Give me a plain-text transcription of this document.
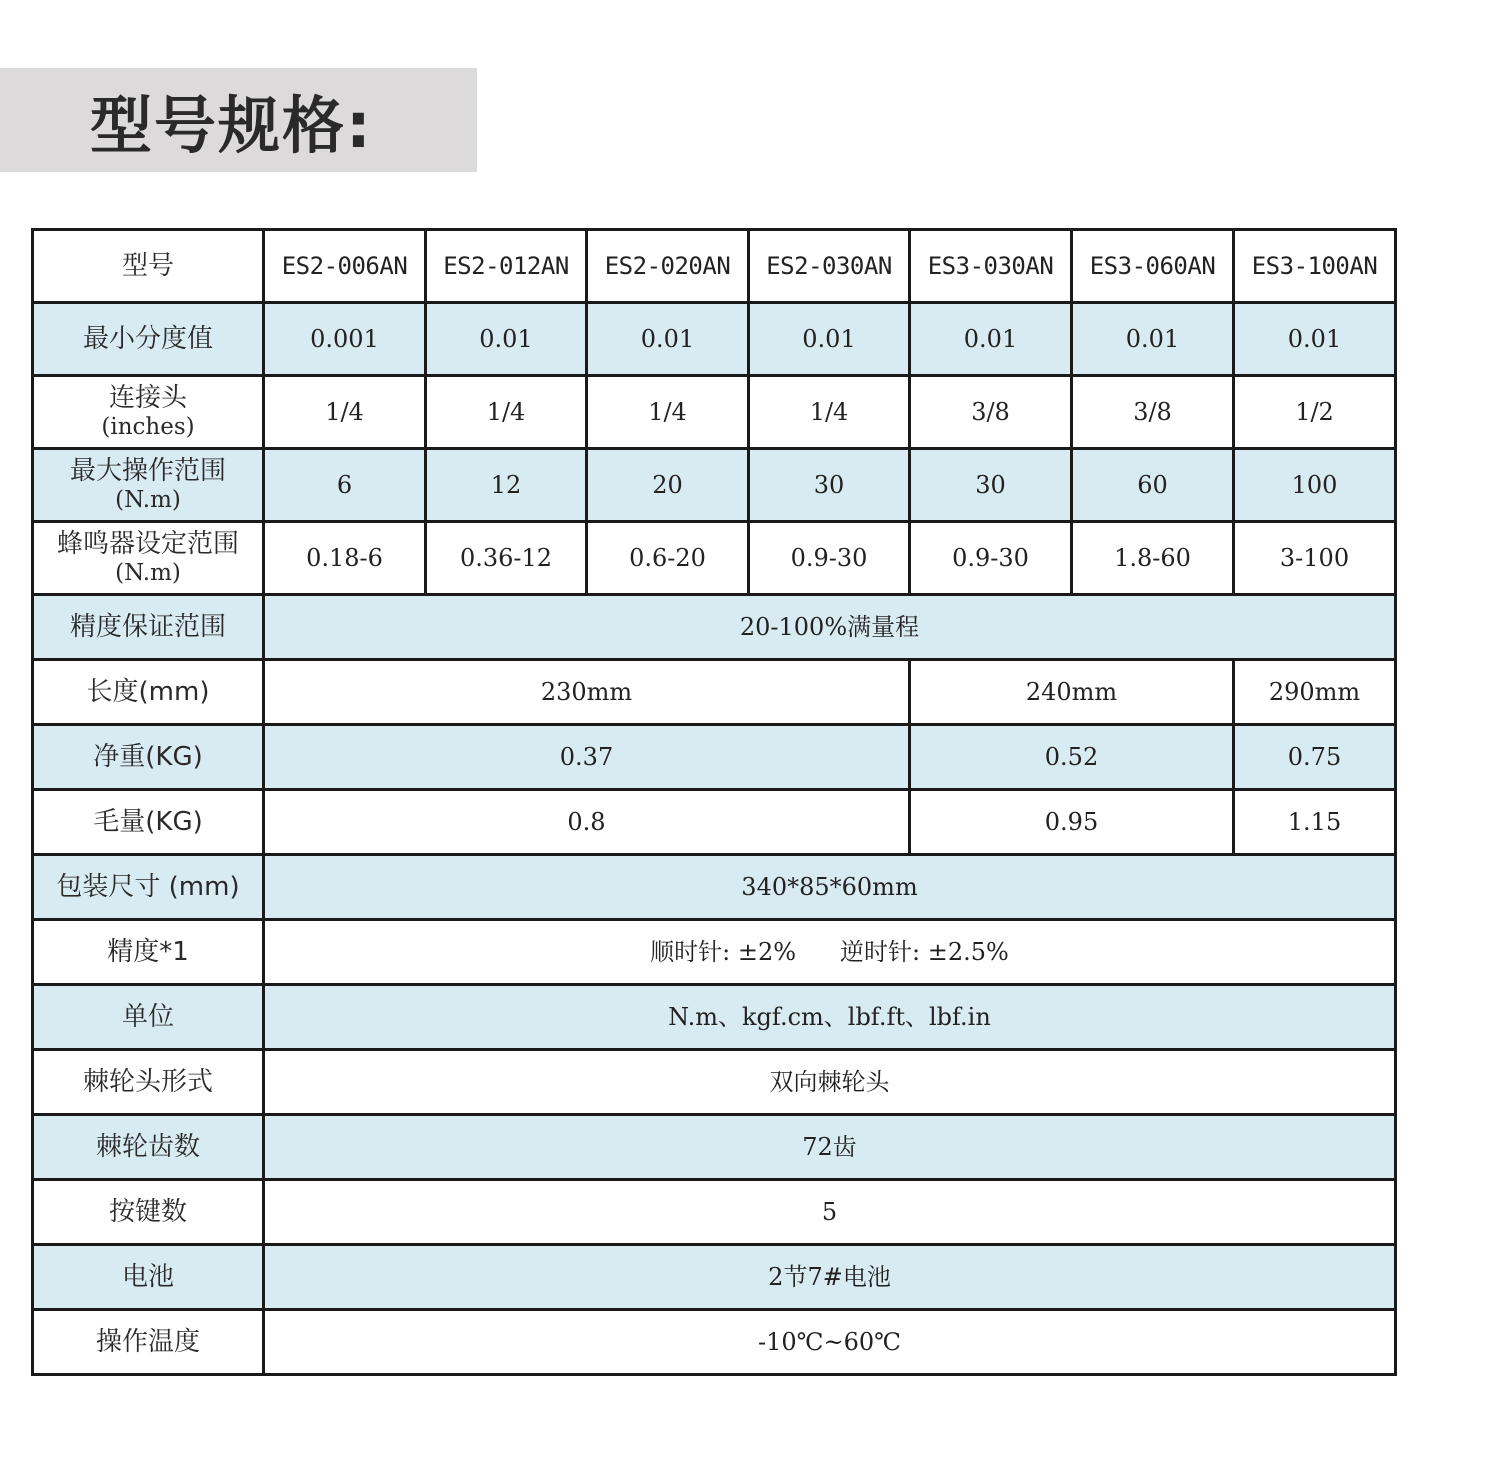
型号规格:
型号	ES2-006AN	ES2-012AN	ES2-020AN	ES2-030AN	ES3-030AN	ES3-060AN	ES3-100AN
最小分度值	0.001	0.01	0.01	0.01	0.01	0.01	0.01

连接头
(inches)	1/4	1/4	1/4	1/4	3/8	3/8	1/2

最大操作范围
(N.m)	6	12	20	30	30	60	100

蜂鸣器设定范围
(N.m)	0.18-6	0.36-12	0.6-20	0.9-30	0.9-30	1.8-60	3-100
精度保证范围	20-100%满量程						
长度(mm)	230mm				240mm		290mm
净重(KG)	0.37				0.52		0.75
毛量(KG)	0.8				0.95		1.15
包装尺寸 (mm)	340*85*60mm						
精度*1	顺时针: ±2% 逆时针: ±2.5%						
单位	N.m、kgf.cm、lbf.ft、lbf.in						
棘轮头形式	双向棘轮头						
棘轮齿数	72齿						
按键数	5						
电池	2节7#电池						
操作温度	-10℃~60℃						
